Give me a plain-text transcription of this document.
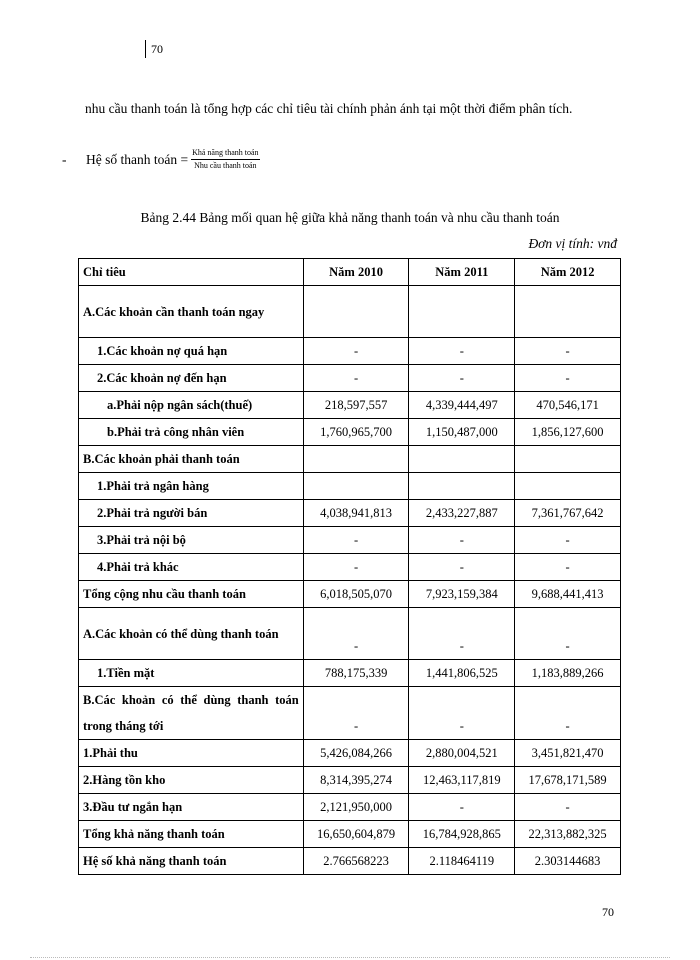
70
nhu cầu thanh toán là tổng hợp các chỉ tiêu tài chính phản ánh tại một thời điểm phân tích.
-	Hệ số thanh toán = $\frac{\text{Khả năng thanh toán}}{\text{Nhu cầu thanh toán}}$
Bảng 2.44 Bảng mối quan hệ giữa khả năng thanh toán và nhu cầu thanh toán
Đơn vị tính: vnđ
Chỉ tiêu	Năm 2010	Năm 2011	Năm 2012
A.Các khoản cần thanh toán ngay			
1.Các khoản nợ quá hạn	-	-	-
2.Các khoản nợ đến hạn	-	-	-
a.Phải nộp ngân sách(thuế)	218,597,557	4,339,444,497	470,546,171
b.Phải trả công nhân viên	1,760,965,700	1,150,487,000	1,856,127,600
B.Các khoản phải thanh toán			
1.Phải trả ngân hàng			
2.Phải trả người bán	4,038,941,813	2,433,227,887	7,361,767,642
3.Phải trả nội bộ	-	-	-
4.Phải trả khác	-	-	-
Tổng cộng nhu cầu thanh toán	6,018,505,070	7,923,159,384	9,688,441,413
A.Các khoản có thể dùng thanh toán	-	-	-
1.Tiền mặt	788,175,339	1,441,806,525	1,183,889,266
B.Các khoản có thể dùng thanh toán trong tháng tới	-	-	-
1.Phải thu	5,426,084,266	2,880,004,521	3,451,821,470
2.Hàng tồn kho	8,314,395,274	12,463,117,819	17,678,171,589
3.Đầu tư ngắn hạn	2,121,950,000	-	-
Tổng khả năng thanh toán	16,650,604,879	16,784,928,865	22,313,882,325
Hệ số khả năng thanh toán	2.766568223	2.118464119	2.303144683
70
